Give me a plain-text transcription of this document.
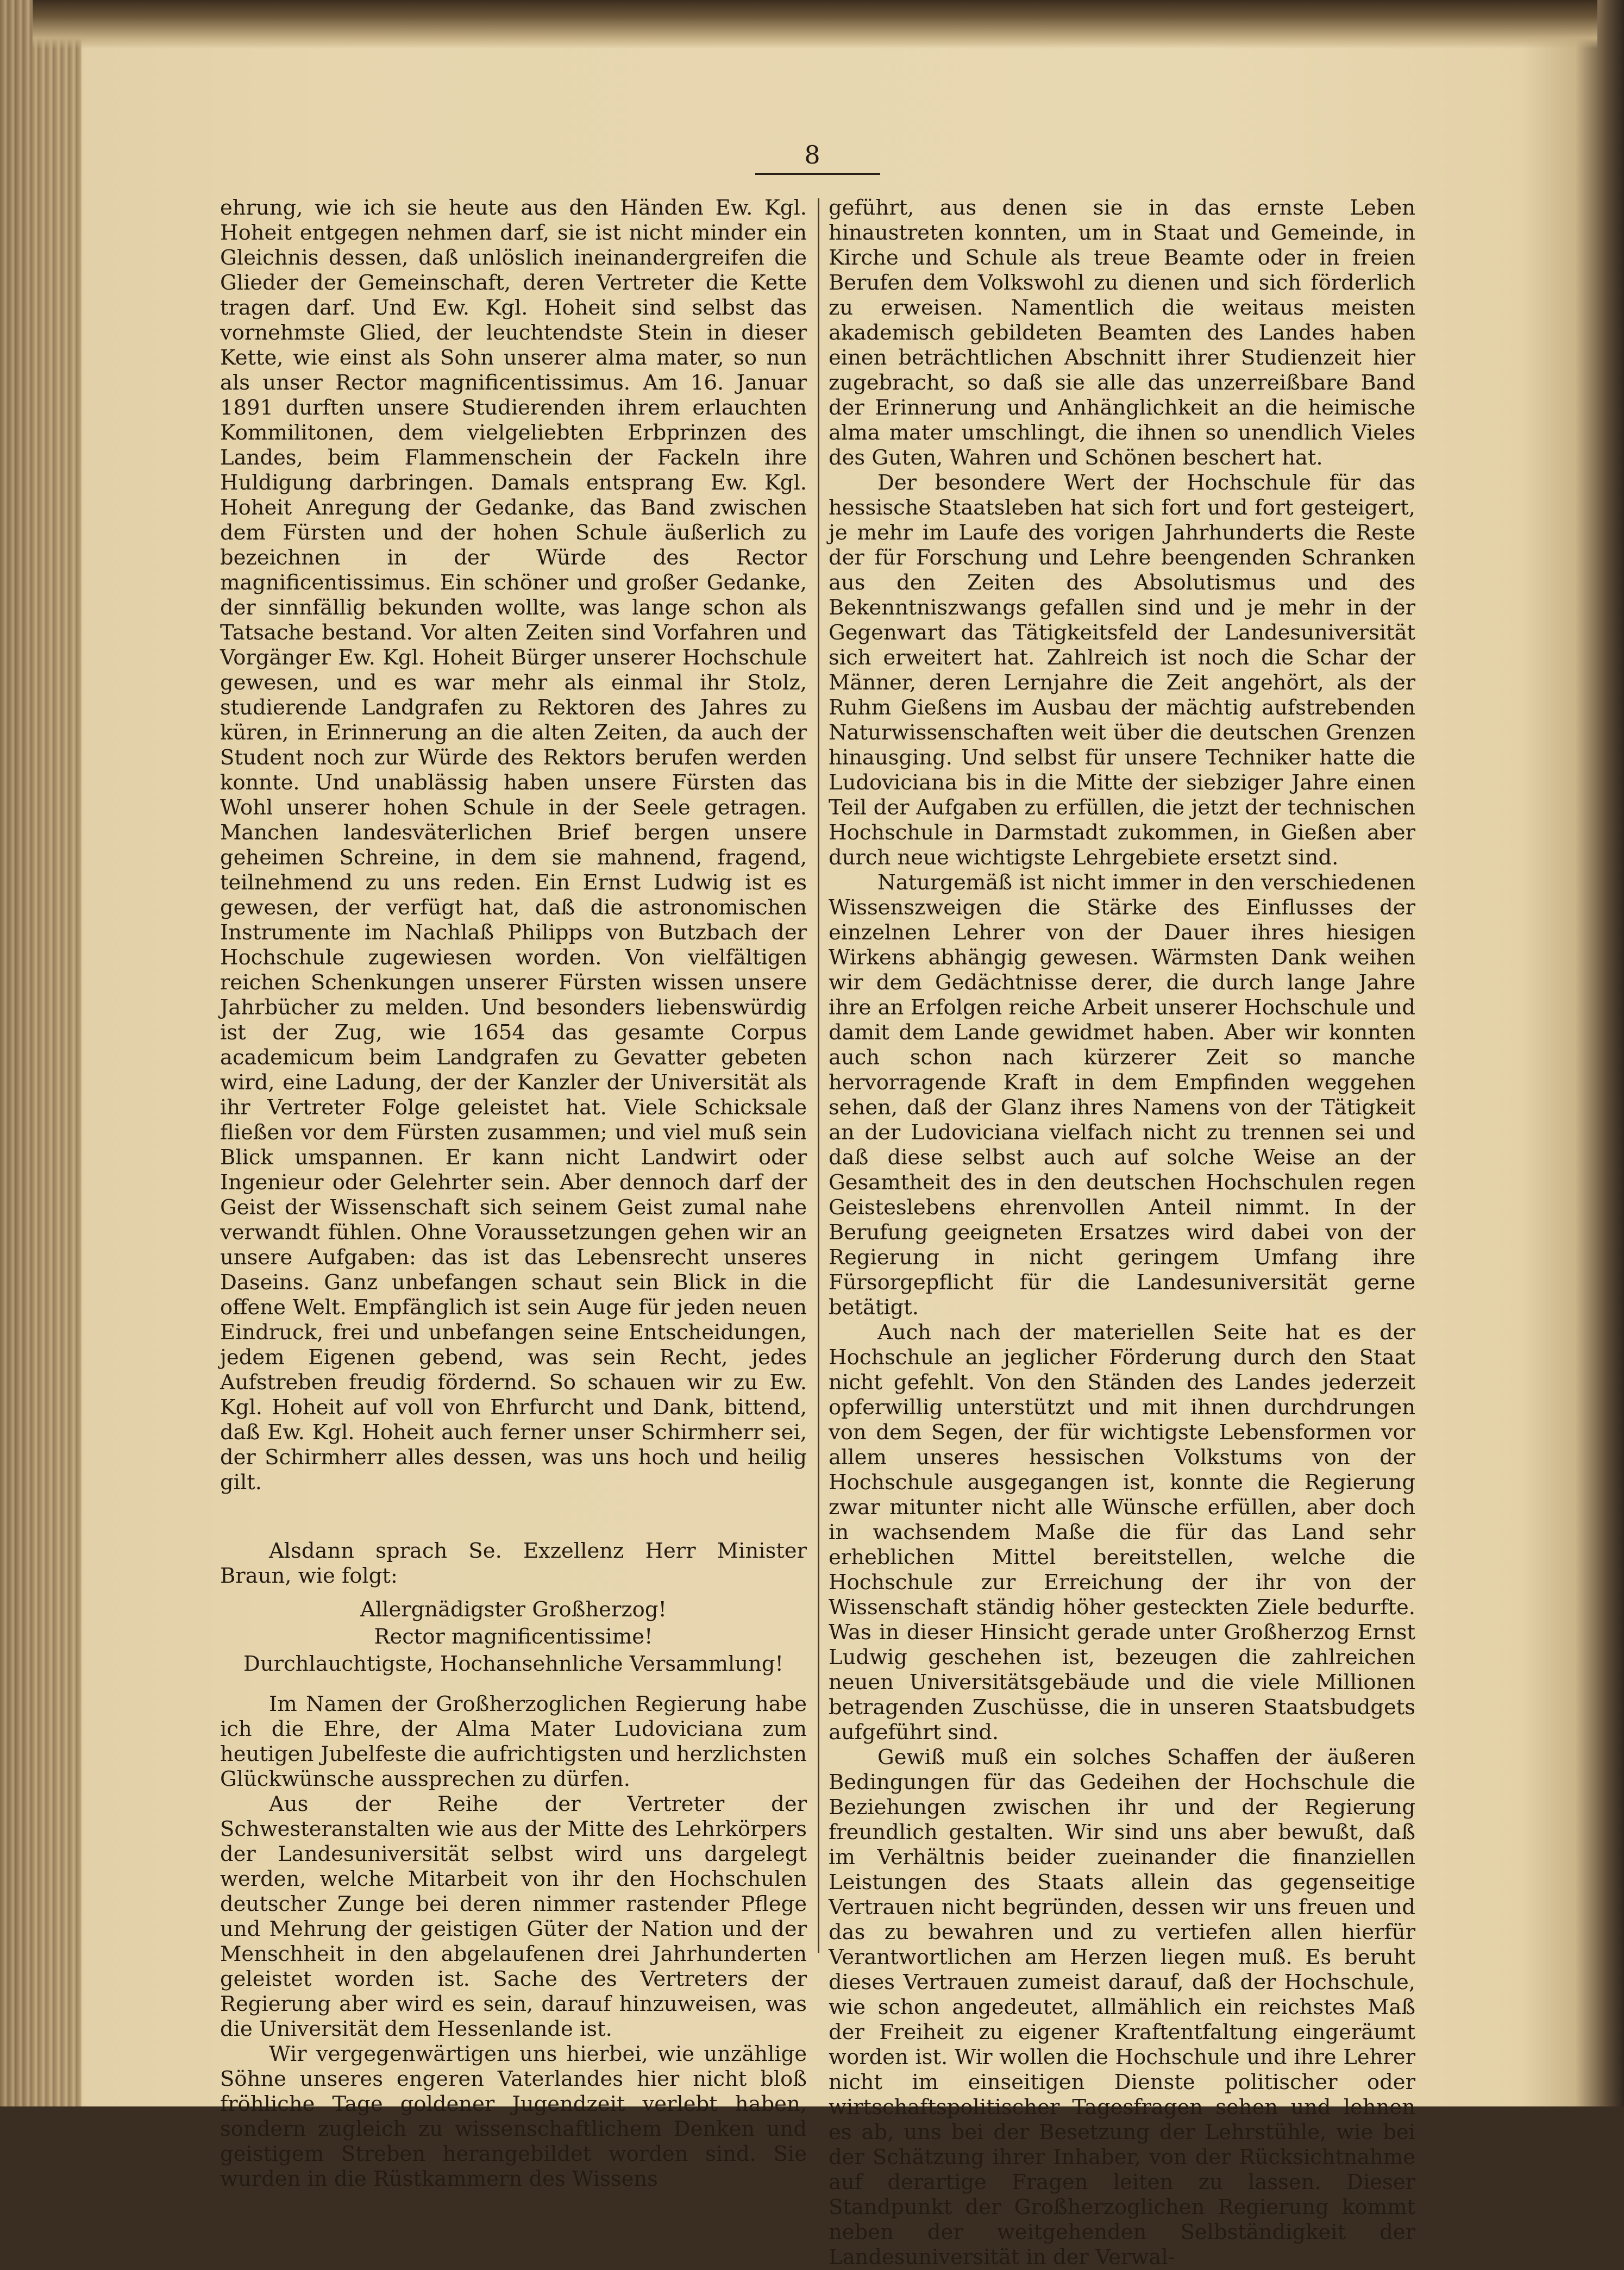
8

ehrung, wie ich sie heute aus den Händen Ew. Kgl. Hoheit entgegen nehmen darf, sie ist nicht minder ein Gleichnis dessen, daß unlöslich ineinandergreifen die Glieder der Gemeinschaft, deren Vertreter die Kette tragen darf. Und Ew. Kgl. Hoheit sind selbst das vornehmste Glied, der leuchtendste Stein in dieser Kette, wie einst als Sohn unserer alma mater, so nun als unser Rector magnificentissimus. Am 16. Januar 1891 durften unsere Studierenden ihrem erlauchten Kommilitonen, dem vielgeliebten Erbprinzen des Landes, beim Flammenschein der Fackeln ihre Huldigung darbringen. Damals entsprang Ew. Kgl. Hoheit Anregung der Gedanke, das Band zwischen dem Fürsten und der hohen Schule äußerlich zu bezeichnen in der Würde des Rector magnificentissimus. Ein schöner und großer Gedanke, der sinnfällig bekunden wollte, was lange schon als Tatsache bestand. Vor alten Zeiten sind Vorfahren und Vorgänger Ew. Kgl. Hoheit Bürger unserer Hochschule gewesen, und es war mehr als einmal ihr Stolz, studierende Landgrafen zu Rektoren des Jahres zu küren, in Erinnerung an die alten Zeiten, da auch der Student noch zur Würde des Rektors berufen werden konnte. Und unablässig haben unsere Fürsten das Wohl unserer hohen Schule in der Seele getragen. Manchen landesväterlichen Brief bergen unsere geheimen Schreine, in dem sie mahnend, fragend, teilnehmend zu uns reden. Ein Ernst Ludwig ist es gewesen, der verfügt hat, daß die astronomischen Instrumente im Nachlaß Philipps von Butzbach der Hochschule zugewiesen worden. Von vielfältigen reichen Schenkungen unserer Fürsten wissen unsere Jahrbücher zu melden. Und besonders liebenswürdig ist der Zug, wie 1654 das gesamte Corpus academicum beim Landgrafen zu Gevatter gebeten wird, eine Ladung, der der Kanzler der Universität als ihr Vertreter Folge geleistet hat. Viele Schicksale fließen vor dem Fürsten zusammen; und viel muß sein Blick umspannen. Er kann nicht Landwirt oder Ingenieur oder Gelehrter sein. Aber dennoch darf der Geist der Wissenschaft sich seinem Geist zumal nahe verwandt fühlen. Ohne Voraussetzungen gehen wir an unsere Aufgaben: das ist das Lebensrecht unseres Daseins. Ganz unbefangen schaut sein Blick in die offene Welt. Empfänglich ist sein Auge für jeden neuen Eindruck, frei und unbefangen seine Entscheidungen, jedem Eigenen gebend, was sein Recht, jedes Aufstreben freudig fördernd. So schauen wir zu Ew. Kgl. Hoheit auf voll von Ehrfurcht und Dank, bittend, daß Ew. Kgl. Hoheit auch ferner unser Schirmherr sei, der Schirmherr alles dessen, was uns hoch und heilig gilt.

Alsdann sprach Se. Exzellenz Herr Minister Braun, wie folgt:

Allergnädigster Großherzog!
Rector magnificentissime!
Durchlauchtigste, Hochansehnliche Versammlung!

Im Namen der Großherzoglichen Regierung habe ich die Ehre, der Alma Mater Ludoviciana zum heutigen Jubelfeste die aufrichtigsten und herzlichsten Glückwünsche aussprechen zu dürfen.

Aus der Reihe der Vertreter der Schwesteranstalten wie aus der Mitte des Lehrkörpers der Landesuniversität selbst wird uns dargelegt werden, welche Mitarbeit von ihr den Hochschulen deutscher Zunge bei deren nimmer rastender Pflege und Mehrung der geistigen Güter der Nation und der Menschheit in den abgelaufenen drei Jahrhunderten geleistet worden ist. Sache des Vertreters der Regierung aber wird es sein, darauf hinzuweisen, was die Universität dem Hessenlande ist.

Wir vergegenwärtigen uns hierbei, wie unzählige Söhne unseres engeren Vaterlandes hier nicht bloß fröhliche Tage goldener Jugendzeit verlebt haben, sondern zugleich zu wissenschaftlichem Denken und geistigem Streben herangebildet worden sind. Sie wurden in die Rüstkammern des Wissens

geführt, aus denen sie in das ernste Leben hinaustreten konnten, um in Staat und Gemeinde, in Kirche und Schule als treue Beamte oder in freien Berufen dem Volkswohl zu dienen und sich förderlich zu erweisen. Namentlich die weitaus meisten akademisch gebildeten Beamten des Landes haben einen beträchtlichen Abschnitt ihrer Studienzeit hier zugebracht, so daß sie alle das unzerreißbare Band der Erinnerung und Anhänglichkeit an die heimische alma mater umschlingt, die ihnen so unendlich Vieles des Guten, Wahren und Schönen beschert hat.

Der besondere Wert der Hochschule für das hessische Staatsleben hat sich fort und fort gesteigert, je mehr im Laufe des vorigen Jahrhunderts die Reste der für Forschung und Lehre beengenden Schranken aus den Zeiten des Absolutismus und des Bekenntniszwangs gefallen sind und je mehr in der Gegenwart das Tätigkeitsfeld der Landesuniversität sich erweitert hat. Zahlreich ist noch die Schar der Männer, deren Lernjahre die Zeit angehört, als der Ruhm Gießens im Ausbau der mächtig aufstrebenden Naturwissenschaften weit über die deutschen Grenzen hinausging. Und selbst für unsere Techniker hatte die Ludoviciana bis in die Mitte der siebziger Jahre einen Teil der Aufgaben zu erfüllen, die jetzt der technischen Hochschule in Darmstadt zukommen, in Gießen aber durch neue wichtigste Lehrgebiete ersetzt sind.

Naturgemäß ist nicht immer in den verschiedenen Wissenszweigen die Stärke des Einflusses der einzelnen Lehrer von der Dauer ihres hiesigen Wirkens abhängig gewesen. Wärmsten Dank weihen wir dem Gedächtnisse derer, die durch lange Jahre ihre an Erfolgen reiche Arbeit unserer Hochschule und damit dem Lande gewidmet haben. Aber wir konnten auch schon nach kürzerer Zeit so manche hervorragende Kraft in dem Empfinden weggehen sehen, daß der Glanz ihres Namens von der Tätigkeit an der Ludoviciana vielfach nicht zu trennen sei und daß diese selbst auch auf solche Weise an der Gesamtheit des in den deutschen Hochschulen regen Geisteslebens ehrenvollen Anteil nimmt. In der Berufung geeigneten Ersatzes wird dabei von der Regierung in nicht geringem Umfang ihre Fürsorgepflicht für die Landesuniversität gerne betätigt.

Auch nach der materiellen Seite hat es der Hochschule an jeglicher Förderung durch den Staat nicht gefehlt. Von den Ständen des Landes jederzeit opferwillig unterstützt und mit ihnen durchdrungen von dem Segen, der für wichtigste Lebensformen vor allem unseres hessischen Volkstums von der Hochschule ausgegangen ist, konnte die Regierung zwar mitunter nicht alle Wünsche erfüllen, aber doch in wachsendem Maße die für das Land sehr erheblichen Mittel bereitstellen, welche die Hochschule zur Erreichung der ihr von der Wissenschaft ständig höher gesteckten Ziele bedurfte. Was in dieser Hinsicht gerade unter Großherzog Ernst Ludwig geschehen ist, bezeugen die zahlreichen neuen Universitätsgebäude und die viele Millionen betragenden Zuschüsse, die in unseren Staatsbudgets aufgeführt sind.

Gewiß muß ein solches Schaffen der äußeren Bedingungen für das Gedeihen der Hochschule die Beziehungen zwischen ihr und der Regierung freundlich gestalten. Wir sind uns aber bewußt, daß im Verhältnis beider zueinander die finanziellen Leistungen des Staats allein das gegenseitige Vertrauen nicht begründen, dessen wir uns freuen und das zu bewahren und zu vertiefen allen hierfür Verantwortlichen am Herzen liegen muß. Es beruht dieses Vertrauen zumeist darauf, daß der Hochschule, wie schon angedeutet, allmählich ein reichstes Maß der Freiheit zu eigener Kraftentfaltung eingeräumt worden ist. Wir wollen die Hochschule und ihre Lehrer nicht im einseitigen Dienste politischer oder wirtschaftspolitischer Tagesfragen sehen und lehnen es ab, uns bei der Besetzung der Lehrstühle, wie bei der Schätzung ihrer Inhaber, von der Rücksichtnahme auf derartige Fragen leiten zu lassen. Dieser Standpunkt der Großherzoglichen Regierung kommt neben der weitgehenden Selbständigkeit der Landesuniversität in der Verwal-
